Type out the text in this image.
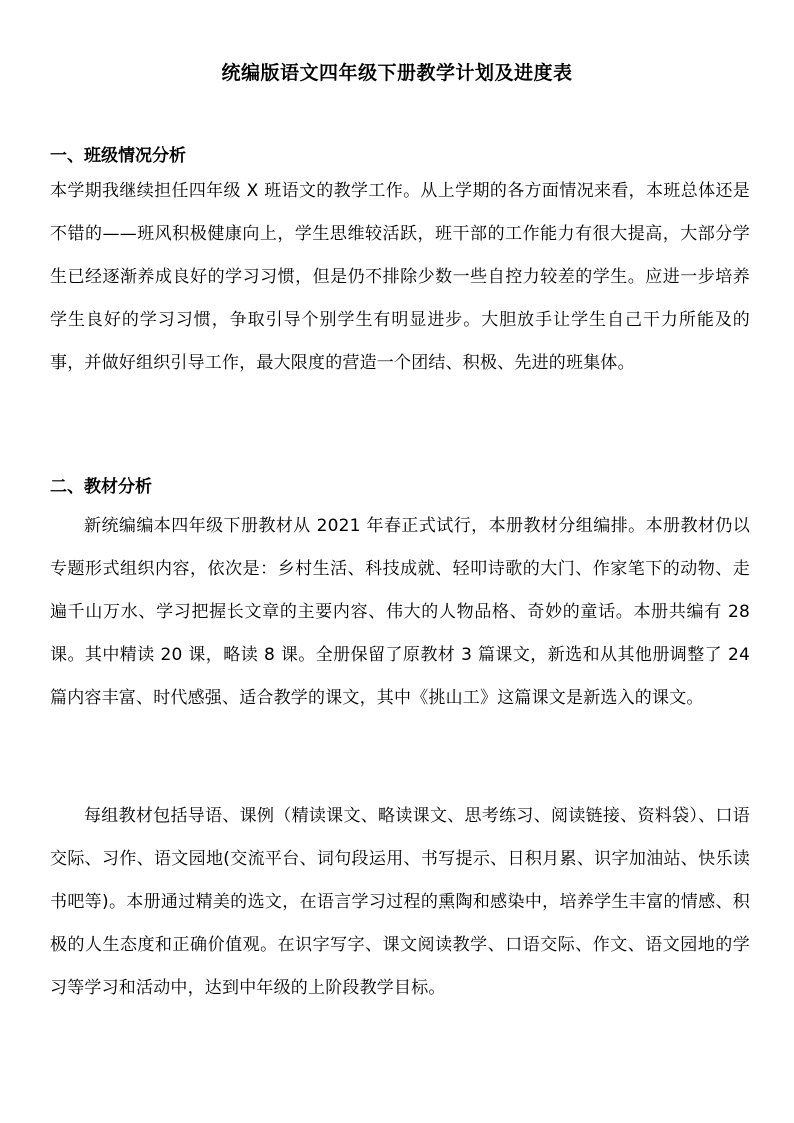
统编版语文四年级下册教学计划及进度表
一、班级情况分析
本学期我继续担任四年级 X 班语文的教学工作。从上学期的各方面情况来看，本班总体还是不错的——班风积极健康向上，学生思维较活跃，班干部的工作能力有很大提高，大部分学生已经逐渐养成良好的学习习惯，但是仍不排除少数一些自控力较差的学生。应进一步培养学生良好的学习习惯，争取引导个别学生有明显进步。大胆放手让学生自己干力所能及的事，并做好组织引导工作，最大限度的营造一个团结、积极、先进的班集体。
二、教材分析
新统编编本四年级下册教材从 2021 年春正式试行，本册教材分组编排。本册教材仍以专题形式组织内容，依次是：乡村生活、科技成就、轻叩诗歌的大门、作家笔下的动物、走遍千山万水、学习把握长文章的主要内容、伟大的人物品格、奇妙的童话。本册共编有 28 课。其中精读 20 课，略读 8 课。全册保留了原教材 3 篇课文，新选和从其他册调整了 24 篇内容丰富、时代感强、适合教学的课文，其中《挑山工》这篇课文是新选入的课文。
每组教材包括导语、课例（精读课文、略读课文、思考练习、阅读链接、资料袋）、口语交际、习作、语文园地(交流平台、词句段运用、书写提示、日积月累、识字加油站、快乐读书吧等)。本册通过精美的选文，在语言学习过程的熏陶和感染中，培养学生丰富的情感、积极的人生态度和正确价值观。在识字写字、课文阅读教学、口语交际、作文、语文园地的学习等学习和活动中，达到中年级的上阶段教学目标。
